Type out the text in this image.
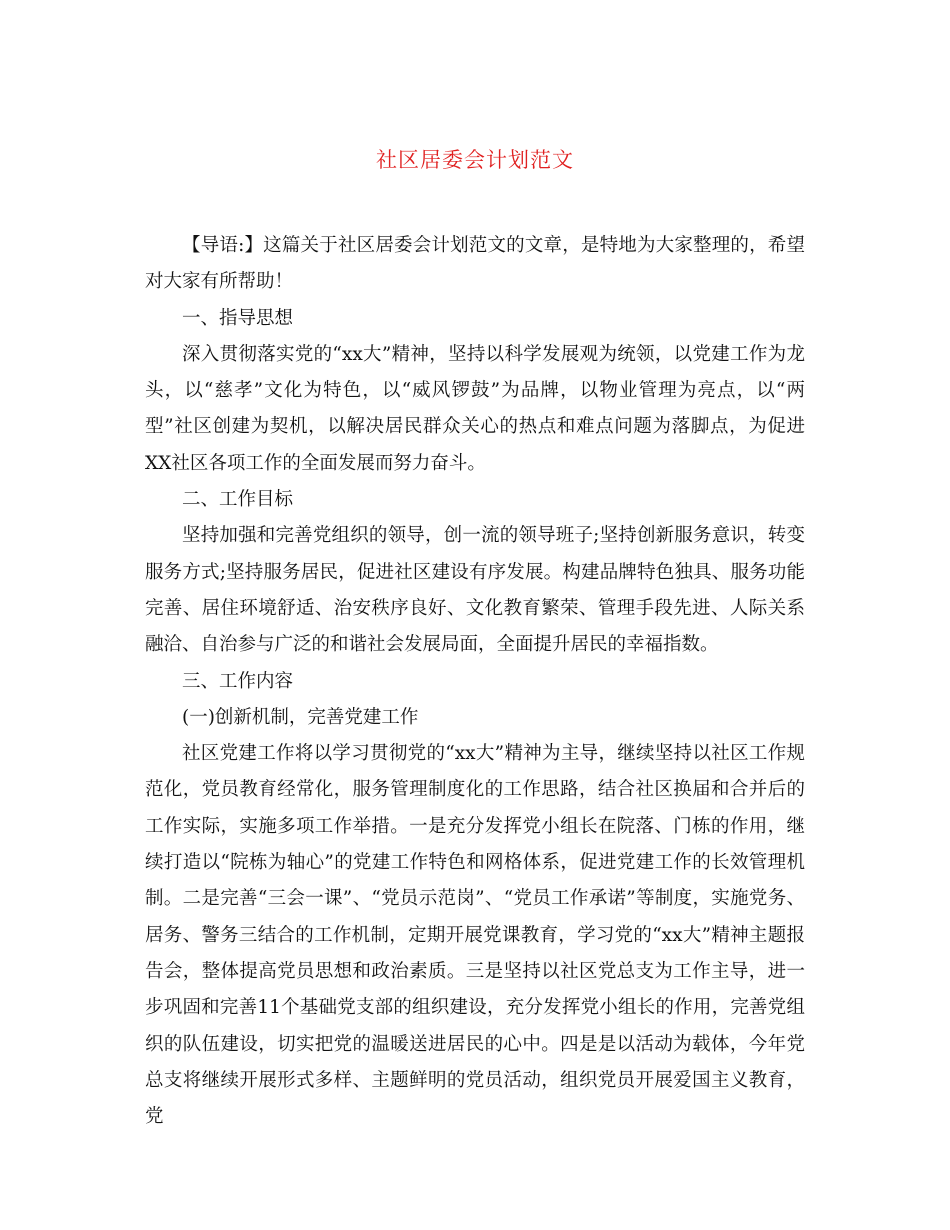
社区居委会计划范文

【导语:】这篇关于社区居委会计划范文的文章，是特地为大家整理的，希望对大家有所帮助！

一、指导思想

深入贯彻落实党的“xx大”精神，坚持以科学发展观为统领，以党建工作为龙头，以“慈孝”文化为特色，以“威风锣鼓”为品牌，以物业管理为亮点，以“两型”社区创建为契机，以解决居民群众关心的热点和难点问题为落脚点，为促进XX社区各项工作的全面发展而努力奋斗。

二、工作目标

坚持加强和完善党组织的领导，创一流的领导班子;坚持创新服务意识，转变服务方式;坚持服务居民，促进社区建设有序发展。构建品牌特色独具、服务功能完善、居住环境舒适、治安秩序良好、文化教育繁荣、管理手段先进、人际关系融洽、自治参与广泛的和谐社会发展局面，全面提升居民的幸福指数。

三、工作内容

(一)创新机制，完善党建工作

社区党建工作将以学习贯彻党的“xx大”精神为主导，继续坚持以社区工作规范化，党员教育经常化，服务管理制度化的工作思路，结合社区换届和合并后的工作实际，实施多项工作举措。一是充分发挥党小组长在院落、门栋的作用，继续打造以“院栋为轴心”的党建工作特色和网格体系，促进党建工作的长效管理机制。二是完善“三会一课”、“党员示范岗”、“党员工作承诺”等制度，实施党务、居务、警务三结合的工作机制，定期开展党课教育，学习党的“xx大”精神主题报告会，整体提高党员思想和政治素质。三是坚持以社区党总支为工作主导，进一步巩固和完善11个基础党支部的组织建设，充分发挥党小组长的作用，完善党组织的队伍建设，切实把党的温暖送进居民的心中。四是是以活动为载体，今年党总支将继续开展形式多样、主题鲜明的党员活动，组织党员开展爱国主义教育，党
